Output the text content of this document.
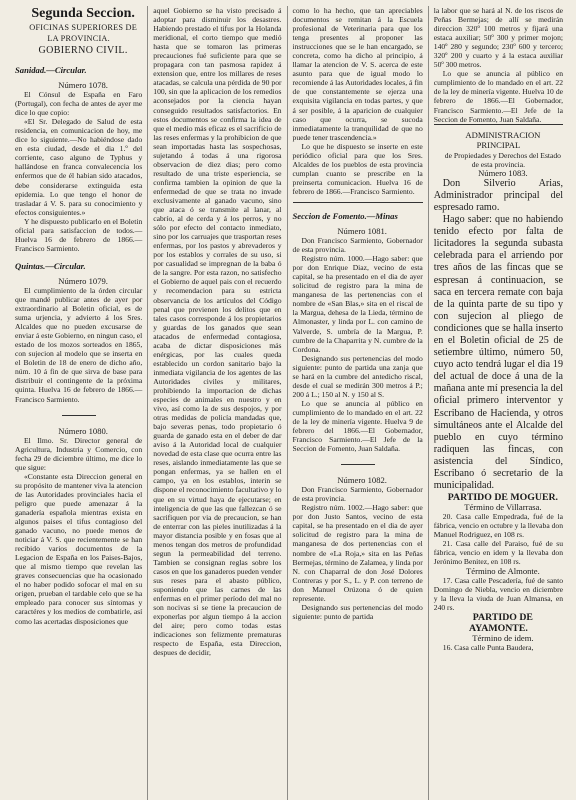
Segunda Seccion.

OFICINAS SUPERIORES DE LA PROVINCIA.

GOBIERNO CIVIL.

Sanidad.—Circular.

Número 1078.

El Cónsul de España en Faro (Portugal), con fecha de antes de ayer me dice lo que copio:

«El Sr. Delegado de Salud de esta residencia, en comunicacion de hoy, me dice lo siguiente.—No habiéndose dado en esta ciudad, desde el dia 1.º del corriente, caso alguno de Typhus y hallándose en franca convalecencia los enfermos que de él habian sido atacados, debe considerarse extinguida esta epidemia. Lo que tengo el honor de trasladar á V. S. para su conocimiento y efectos consiguientes.»

Y he dispuesto publicarlo en el Boletin oficial para satisfaccion de todos.—Huelva 16 de febrero de 1866.—Francisco Sarmiento.

Quintas.—Circular.

Número 1079.

El cumplimiento de la órden circular que mandé publicar antes de ayer por extraordinario al Boletin oficial, es de suma urjencia, y advierto á los Sres. Alcaldes que no pueden excusarse de enviar á este Gobierno, en ningun caso, el estado de los mozos sorteados en 1865, con sujecion al modelo que se inserta en el Boletin de 18 de enero de dicho año, núm. 10 á fin de que sirva de base para distribuir el contingente de la próxima quinta. Huelva 16 de febrero de 1866.—Francisco Sarmiento.

Número 1080.

El Ilmo. Sr. Director general de Agricultura, Industria y Comercio, con fecha 29 de diciembre último, me dice lo que sigue:

«Constante esta Direccion general en su propósito de mantener viva la atencion de las Autoridades provinciales hacia el peligro que puede amenazar á la ganadería española mientras exista en algunos paises el tifus contagioso del ganado vacuno, no puede menos de noticiar á V. S. que recientemente se han recibido varios documentos de la Legacion de España en los Paises-Bajos, que al mismo tiempo que revelan las graves consecuencias que ha ocasionado el no haber podido sofocar el mal en su origen, prueban el tardable celo que se ha empleado para conocer sus síntomas y caractéres y los medios de combatirle, así como las acertadas disposiciones que

aquel Gobierno se ha visto precisado á adoptar para disminuir los desastres. Habiendo prestado el tifus por la Holanda meridional, el corto tiempo que medió hasta que se tomaron las primeras precauciones fué suficiente para que se propagara con tan pasmosa rapidez á extension que, entre los millares de reses atacadas, se calcula una pérdida de 90 por 100, sin que la aplicacion de los remedios aconsejados por la ciencia hayan conseguido resultados satisfactorios. En estos documentos se confirma la idea de que el medio más eficaz es el sacrificio de las reses enfermas y la prohibicion de que sean importadas hasta las sospechosas, sujetando á todas á una rigorosa observacion de diez dias; pero como resultado de una triste esperiencia, se confirma tambien la opinion de que la enfermedad de que se trata no invade exclusivamente al ganado vacuno, sino que ataca ó se transmite al lanar, al cabrío, al de cerda y á los perros, y no sólo por efecto del contacto inmediato, sino por los carruajes que trasportan reses enfermas, por los pastos y abrevaderos y por los establos y corrales de su uso, si por casualidad se impregnan de la baba ó de la sangre. Por esta razon, no satisfecho el Gobierno de aquel pais con el recuerdo y recomendacion para su estricta observancia de los artículos del Código penal que previenen los delitos que en tales casos corresponde á los propietarios y guardas de los ganados que sean atacados de enfermedad contagiosa, acaba de dictar disposiciones más enérgicas, por las cuales queda establecido un cordon sanitario bajo la inmediata vigilancia de los agentes de las Autoridades civiles y militares, prohibiendo la importacion de dichas especies de animales en nuestro y en vivo, así como la de sus despojos, y por otras medidas de policía mandadas que, bajo severas penas, todo propietario ó guarda de ganado esta en el deber de dar aviso á la Autoridad local de cualquier novedad de esta clase que ocurra entre las reses, aislando inmediatamente las que se pongan enfermas, ya se hallen en el campo, ya en los establos, interin se dispone el reconocimiento facultativo y lo que en su virtud haya de ejecutarse; en inteligencia de que las que fallezcan ó se sacrifiquen por via de precaucion, se han de enterrar con las pieles inutilizadas á la mayor distancia posible y en fosas que al menos tengan dos metros de profundidad segun la permeabilidad del terreno. Tambien se consignan reglas sobre los casos en que los ganaderos pueden vender sus reses para el abasto público, suponiendo que las carnes de las enfermas en el primer período del mal no son nocivas si se tiene la precaucion de exponerlas por algun tiempo á la accion del aire; pero como todas estas indicaciones son felizmente prematuras respecto de España, esta Direccion, despues de decidir,

como lo ha hecho, que tan apreciables documentos se remitan á la Escuela profesional de Veterinaria para que los tenga presentes al proponer las instrucciones que se le han encargado, se concreta, como ha dicho al principio, á llamar la atencion de V. S. acerca de este asunto para que de igual modo lo recomiende á las Autoridades locales, á fin de que constantemente se ejerza una exquisita vigilancia en todas partes, y que á ser posible, á la aparicion de cualquier caso que ocurra, se sucoda inmediatamente la tranquilidad de que no puede tener trascendencia.»

Lo que he dispuesto se inserte en este periódico oficial para que los Sres. Alcaldes de los pueblos de esta provincia cumplan cuanto se prescribe en la preinserta comunicacion. Huelva 16 de febrero de 1866.—Francisco Sarmiento.

Seccion de Fomento.—Minas

Número 1081.

Don Francisco Sarmiento, Gobernador de esta provincia.

Registro núm. 1000.—Hago saber: que por don Enrique Diaz, vecino de esta capital, se ha presentado en el dia de ayer solicitud de registro para la mina de manganesa de las pertenencias con el nombre de «San Blas,» sita en el riscal de la Margua, dehesa de la Lieda, término de Almonaster, y linda por L. con camino de Valverde, S. umbría de la Margua, P. cumbre de la Chaparrita y N. cumbre de la Cordona.

Designando sus pertenencias del modo siguiente: punto de partida una zanja que se hará en la cumbre del antedicho riscal, desde el cual se medirán 300 metros á P.; 200 á L.; 150 al N. y 150 al S.

Lo que se anuncia al público en cumplimiento de lo mandado en el art. 22 de la ley de minería vigente. Huelva 9 de febrero del 1866.—El Gobernador, Francisco Sarmiento.—El Jefe de la Seccion de Fomento, Juan Saldaña.

Número 1082.

Don Francisco Sarmiento, Gobernador de esta provincia.

Registro núm. 1002.—Hago saber: que por don Justo Santos, vecino de esta capital, se ha presentado en el dia de ayer solicitud de registro para la mina de manganesa de dos pertenencias con el nombre de «La Roja,» sita en las Peñas Bermejas, término de Zalamea, y linda por N. con Chaparral de don José Dolores Contreras y por S., L. y P. con terreno de don Manuel Orúzona ó de quien represente.

Designando sus pertenencias del modo siguiente: punto de partida

la labor que se hará al N. de los riscos de Peñas Bermejas; de allí se medirán direccion 320º 100 metros y fijará una estaca auxiliar; 50º 300 y primer mojon; 140º 280 y segundo; 230º 600 y tercero; 320º 200 y cuarto y á la estaca auxiliar 50º 300 metros.

Lo que se anuncia al público en cumplimiento de lo mandado en el art. 22 de la ley de minería vigente. Huelva 10 de febrero de 1866.—El Gobernador, Francisco Sarmiento.—El Jefe de la Seccion de Fomento, Juan Saldaña.

ADMINISTRACION PRINCIPAL

de Propiedades y Derechos del Estado de esta provincia.

Número 1083.

Don Silverio Arias, Administrador principal del espresado ramo.

Hago saber: que no habiendo tenido efecto por falta de licitadores la segunda subasta celebrada para el arriendo por tres años de las fincas que se espresan á continuacion, se saca en tercera remate con baja de la quinta parte de su tipo y con sujecion al pliego de condiciones que se halla inserto en el Boletin oficial de 25 de setiembre último, número 50, cuyo acto tendrá lugar el dia 19 del actual de doce á una de la mañana ante mí presencia la del oficial primero interventor y Escribano de Hacienda, y otros simultáneos ante el Alcalde del pueblo en cuyo término radiquen las fincas, con asistencia del Síndico, Escribano ó secretario de la municipalidad.

PARTIDO DE MOGUER.

Término de Villarrasa.

20. Casa calle Empedrada, fué de la fábrica, vencio en octubre y la llevaba don Manuel Rodriguez, en 108 rs.

21. Casa calle del Paraiso, fué de su fábrica, vencio en idem y la llevaba don Jerónimo Benitez, en 108 rs.

Término de Almonte.

17. Casa calle Pescadería, fué de santo Domingo de Niebla, vencio en diciembre y la lleva la viuda de Juan Almansa, en 240 rs.

PARTIDO DE AYAMONTE.

Término de idem.

16. Casa calle Punta Baudera,
